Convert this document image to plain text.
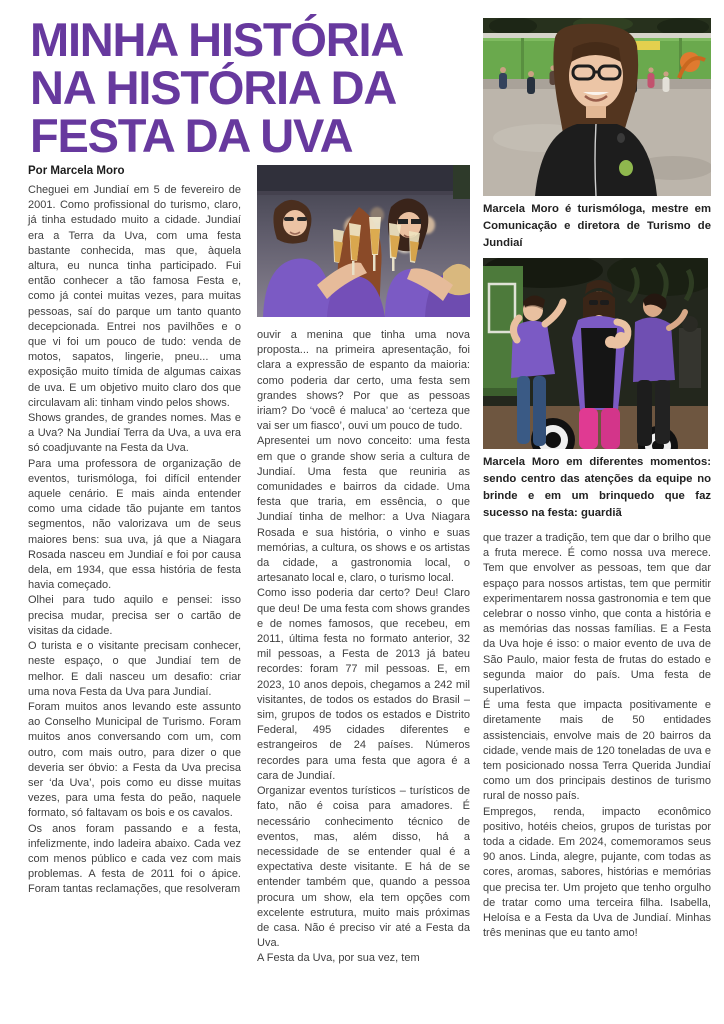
MINHA HISTÓRIA
NA HISTÓRIA DA
FESTA DA UVA

Por Marcela Moro

Cheguei em Jundiaí em 5 de fevereiro de 2001. Como profissional do turismo, claro, já tinha estudado muito a cidade. Jundiaí era a Terra da Uva, com uma festa bastante conhecida, mas que, àquela altura, eu nunca tinha participado. Fui então conhecer a tão famosa Festa e, como já contei muitas vezes, para muitas pessoas, saí do parque um tanto quanto decepcionada. Entrei nos pavilhões e o que vi foi um pouco de tudo: venda de motos, sapatos, lingerie, pneu... uma exposição muito tímida de algumas caixas de uva. E um objetivo muito claro dos que circulavam ali: tinham vindo pelos shows.

Shows grandes, de grandes nomes. Mas e a Uva? Na Jundiaí Terra da Uva, a uva era só coadjuvante na Festa da Uva.

Para uma professora de organização de eventos, turismóloga, foi difícil entender aquele cenário. E mais ainda entender como uma cidade tão pujante em tantos segmentos, não valorizava um de seus maiores bens: sua uva, já que a Niagara Rosada nasceu em Jundiaí e foi por causa dela, em 1934, que essa história de festa havia começado.

Olhei para tudo aquilo e pensei: isso precisa mudar, precisa ser o cartão de visitas da cidade.

O turista e o visitante precisam conhecer, neste espaço, o que Jundiaí tem de melhor. E dali nasceu um desafio: criar uma nova Festa da Uva para Jundiaí.

Foram muitos anos levando este assunto ao Conselho Municipal de Turismo. Foram muitos anos conversando com um, com outro, com mais outro, para dizer o que deveria ser óbvio: a Festa da Uva precisa ser ‘da Uva’, pois como eu disse muitas vezes, para uma festa do peão, naquele formato, só faltavam os bois e os cavalos.

Os anos foram passando e a festa, infelizmente, indo ladeira abaixo. Cada vez com menos público e cada vez com mais problemas. A festa de 2011 foi o ápice. Foram tantas reclamações, que resolveram

ouvir a menina que tinha uma nova proposta... na primeira apresentação, foi clara a expressão de espanto da maioria: como poderia dar certo, uma festa sem grandes shows? Por que as pessoas iriam? Do ‘você é maluca’ ao ‘certeza que vai ser um fiasco’, ouvi um pouco de tudo.

Apresentei um novo conceito: uma festa em que o grande show seria a cultura de Jundiaí. Uma festa que reuniria as comunidades e bairros da cidade. Uma festa que traria, em essência, o que Jundiaí tinha de melhor: a Uva Niagara Rosada e sua história, o vinho e suas memórias, a cultura, os shows e os artistas da cidade, a gastronomia local, o artesanato local e, claro, o turismo local.

Como isso poderia dar certo? Deu! Claro que deu! De uma festa com shows grandes e de nomes famosos, que recebeu, em 2011, última festa no formato anterior, 32 mil pessoas, a Festa de 2013 já bateu recordes: foram 77 mil pessoas. E, em 2023, 10 anos depois, chegamos a 242 mil visitantes, de todos os estados do Brasil – sim, grupos de todos os estados e Distrito Federal, 495 cidades diferentes e estrangeiros de 24 países. Números recordes para uma festa que agora é a cara de Jundiaí.

Organizar eventos turísticos – turísticos de fato, não é coisa para amadores. É necessário conhecimento técnico de eventos, mas, além disso, há a necessidade de se entender qual é a expectativa deste visitante. E há de se entender também que, quando a pessoa procura um show, ela tem opções com excelente estrutura, muito mais próximas de casa. Não é preciso vir até a Festa da Uva.

A Festa da Uva, por sua vez, tem

Marcela Moro é turismóloga, mestre em Comunicação e diretora de Turismo de Jundiaí
Marcela Moro em diferentes momentos: sendo centro das atenções da equipe no brinde e em um brinquedo que faz sucesso na festa: guardiã

que trazer a tradição, tem que dar o brilho que a fruta merece. É como nossa uva merece. Tem que envolver as pessoas, tem que dar espaço para nossos artistas, tem que permitir experimentarem nossa gastronomia e tem que celebrar o nosso vinho, que conta a história e as memórias das nossas famílias. E a Festa da Uva hoje é isso: o maior evento de uva de São Paulo, maior festa de frutas do estado e segunda maior do país. Uma festa de superlativos.

É uma festa que impacta positivamente e diretamente mais de 50 entidades assistenciais, envolve mais de 20 bairros da cidade, vende mais de 120 toneladas de uva e tem posicionado nossa Terra Querida Jundiaí como um dos principais destinos de turismo rural de nosso país.

Empregos, renda, impacto econômico positivo, hotéis cheios, grupos de turistas por toda a cidade. Em 2024, comemoramos seus 90 anos. Linda, alegre, pujante, com todas as cores, aromas, sabores, histórias e memórias que precisa ter. Um projeto que tenho orgulho de tratar como uma terceira filha. Isabella, Heloísa e a Festa da Uva de Jundiaí. Minhas três meninas que eu tanto amo!
